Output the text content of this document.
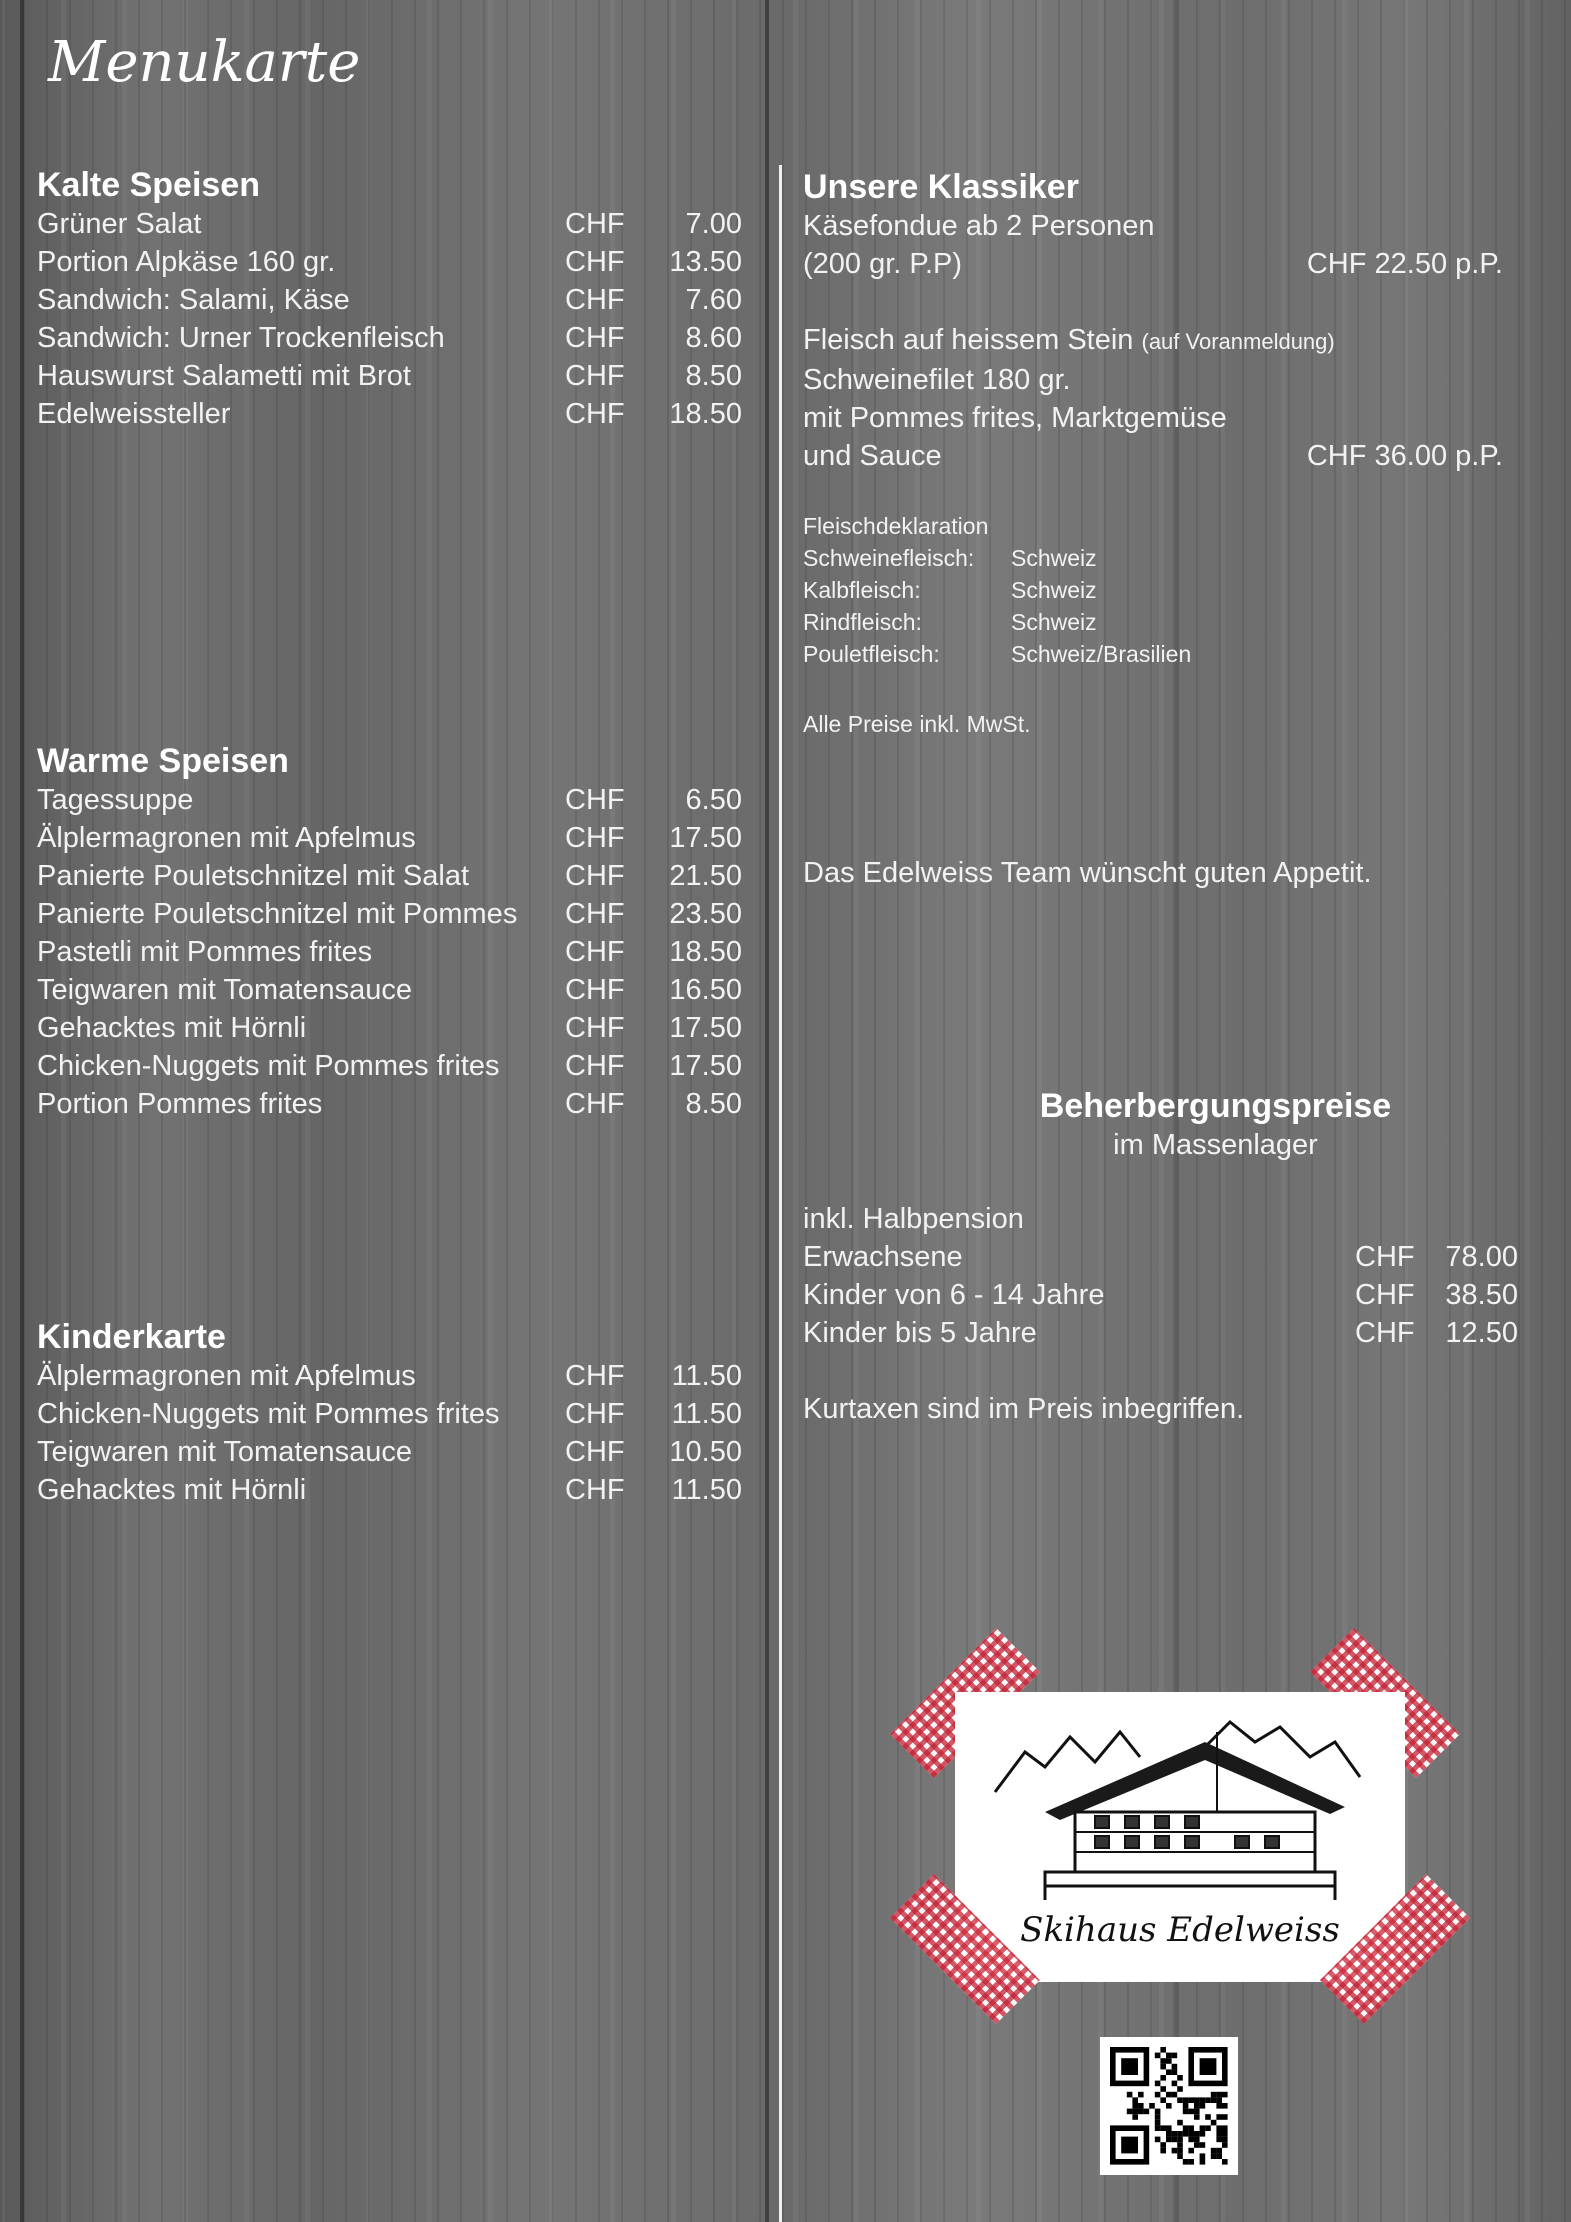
Menukarte
Kalte Speisen
Grüner Salat	CHF 7.00
Portion Alpkäse 160 gr.	CHF 13.50
Sandwich: Salami, Käse	CHF 7.60
Sandwich: Urner Trockenfleisch	CHF 8.60
Hauswurst Salametti mit Brot	CHF 8.50
Edelweissteller	CHF 18.50
Warme Speisen
Tagessuppe	CHF 6.50
Älplermagronen mit Apfelmus	CHF 17.50
Panierte Pouletschnitzel mit Salat	CHF 21.50
Panierte Pouletschnitzel mit Pommes CHF 23.50
Pastetli mit Pommes frites	CHF 18.50
Teigwaren mit Tomatensauce	CHF 16.50
Gehacktes mit Hörnli	CHF 17.50
Chicken-Nuggets mit Pommes frites CHF 17.50
Portion Pommes frites	CHF 8.50
Kinderkarte
Älplermagronen mit Apfelmus	CHF 11.50
Chicken-Nuggets mit Pommes frites CHF 11.50
Teigwaren mit Tomatensauce	CHF 10.50
Gehacktes mit Hörnli	CHF 11.50
Unsere Klassiker

Käsefondue ab 2 Personen

(200 gr. P.P)	CHF 22.50 p.P.

Fleisch auf heissem Stein (auf Voranmeldung)

Schweinefilet 180 gr.

mit Pommes frites, Marktgemüse

und Sauce	CHF 36.00 p.P.

Fleischdeklaration
Schweinefleisch: Schweiz
Kalbfleisch:	Schweiz
Rindfleisch:	Schweiz
Pouletfleisch:	Schweiz/Brasilien
Alle Preise inkl. MwSt.

Das Edelweiss Team wünscht guten Appetit.

Beherbergungspreise
im Massenlager

inkl. Halbpension

Erwachsene	CHF 78.00
Kinder von 6 - 14 Jahre	CHF 38.50
Kinder bis 5 Jahre	CHF 12.50

Kurtaxen sind im Preis inbegriffen.

Skihaus Edelweiss
